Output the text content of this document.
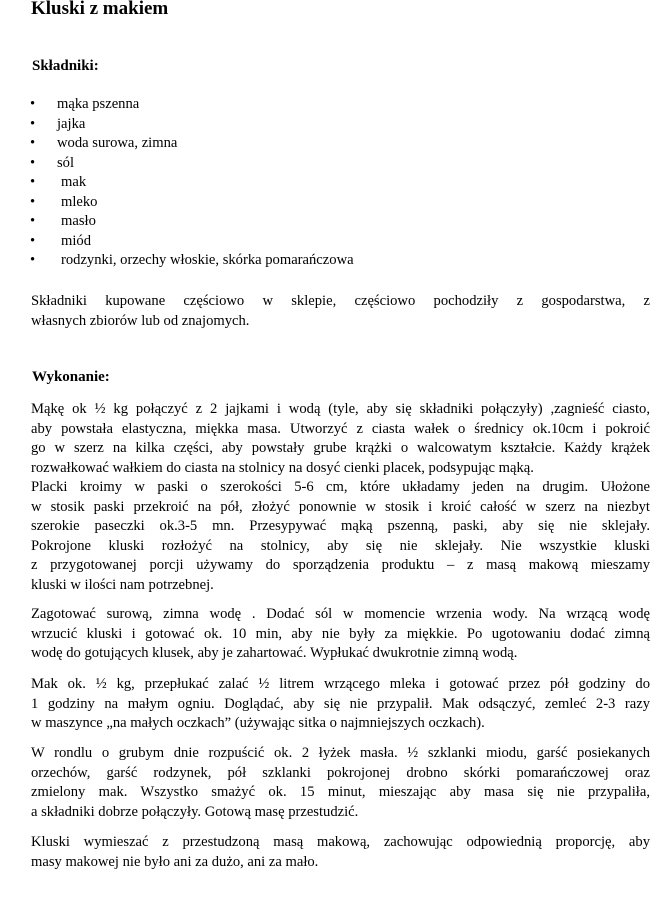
Kluski z makiem
Składniki:
• mąka pszenna
• jajka
• woda surowa, zimna
• sól
• mak
• mleko
• masło
• miód
• rodzynki, orzechy włoskie, skórka pomarańczowa
Składniki kupowane częściowo w sklepie, częściowo pochodziły z gospodarstwa, z
własnych zbiorów lub od znajomych.
Wykonanie:
Mąkę ok ½ kg połączyć z 2 jajkami i wodą (tyle, aby się składniki połączyły) ,zagnieść ciasto,
aby powstała elastyczna, miękka masa. Utworzyć z ciasta wałek o średnicy ok.10cm i pokroić
go w szerz na kilka części, aby powstały grube krążki o walcowatym kształcie. Każdy krążek
rozwałkować wałkiem do ciasta na stolnicy na dosyć cienki placek, podsypując mąką.
Placki kroimy w paski o szerokości 5-6 cm, które układamy jeden na drugim. Ułożone
w stosik paski przekroić na pół, złożyć ponownie w stosik i kroić całość w szerz na niezbyt
szerokie paseczki ok.3-5 mn. Przesypywać mąką pszenną, paski, aby się nie sklejały.
Pokrojone kluski rozłożyć na stolnicy, aby się nie sklejały. Nie wszystkie kluski
z przygotowanej porcji używamy do sporządzenia produktu – z masą makową mieszamy
kluski w ilości nam potrzebnej.
Zagotować surową, zimna wodę . Dodać sól w momencie wrzenia wody. Na wrzącą wodę
wrzucić kluski i gotować ok. 10 min, aby nie były za miękkie. Po ugotowaniu dodać zimną
wodę do gotujących klusek, aby je zahartować. Wypłukać dwukrotnie zimną wodą.
Mak ok. ½ kg, przepłukać zalać ½ litrem wrzącego mleka i gotować przez pół godziny do
1 godziny na małym ogniu. Doglądać, aby się nie przypalił. Mak odsączyć, zemleć 2-3 razy
w maszynce „na małych oczkach” (używając sitka o najmniejszych oczkach).
W rondlu o grubym dnie rozpuścić ok. 2 łyżek masła. ½ szklanki miodu, garść posiekanych
orzechów, garść rodzynek, pół szklanki pokrojonej drobno skórki pomarańczowej oraz
zmielony mak. Wszystko smażyć ok. 15 minut, mieszając aby masa się nie przypaliła,
a składniki dobrze połączyły. Gotową masę przestudzić.
Kluski wymieszać z przestudzoną masą makową, zachowując odpowiednią proporcję, aby
masy makowej nie było ani za dużo, ani za mało.
